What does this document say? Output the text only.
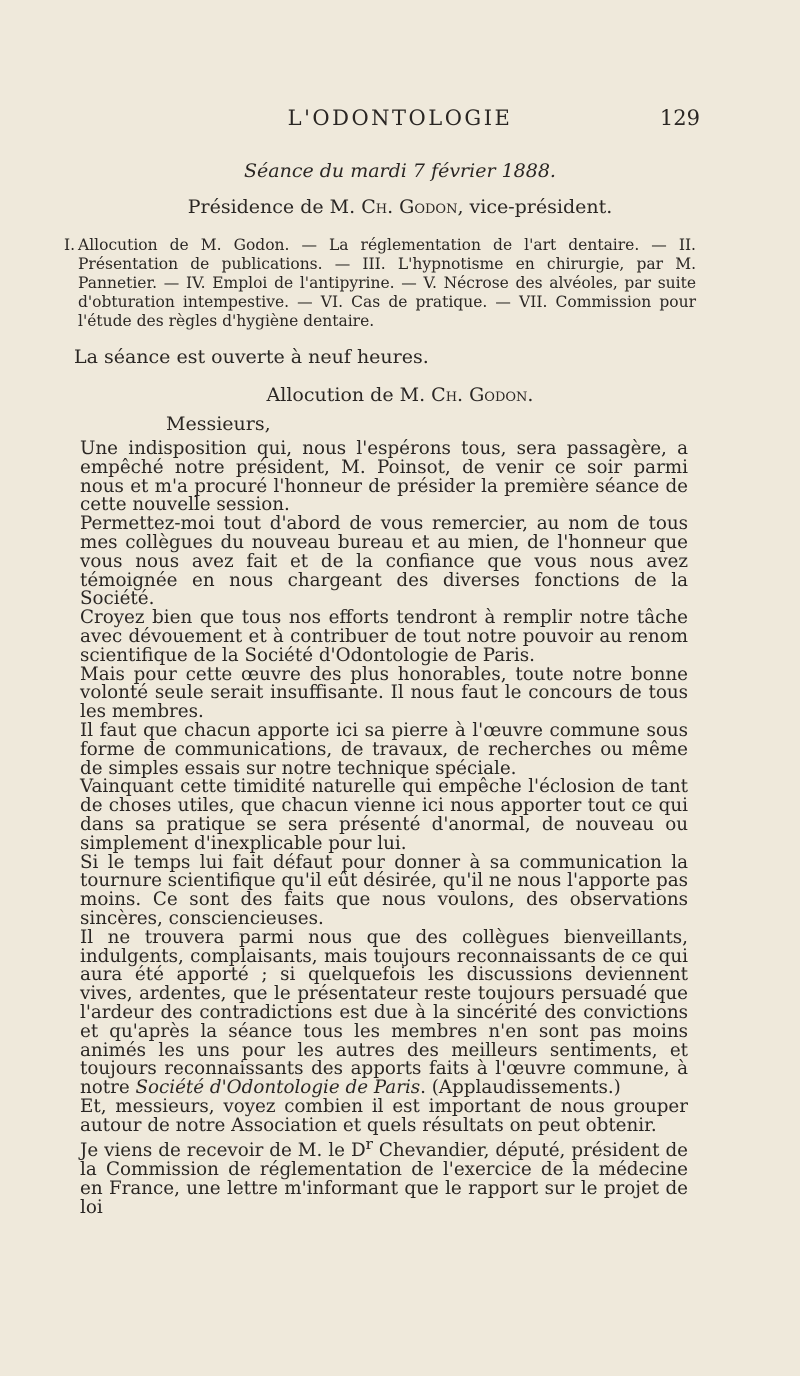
L'ODONTOLOGIE	129
Séance du mardi 7 février 1888.
Présidence de M. Ch. Godon, vice-président.
I. Allocution de M. Godon. — La réglementation de l'art dentaire. — II. Présentation de publications. — III. L'hypnotisme en chirurgie, par M. Pannetier. — IV. Emploi de l'antipyrine. — V. Nécrose des alvéoles, par suite d'obturation intempestive. — VI. Cas de pratique. — VII. Commission pour l'étude des règles d'hygiène dentaire.
La séance est ouverte à neuf heures.
Allocution de M. Ch. Godon.
Messieurs,

Une indisposition qui, nous l'espérons tous, sera passagère, a empêché notre président, M. Poinsot, de venir ce soir parmi nous et m'a procuré l'honneur de présider la première séance de cette nouvelle session.

Permettez-moi tout d'abord de vous remercier, au nom de tous mes collègues du nouveau bureau et au mien, de l'honneur que vous nous avez fait et de la confiance que vous nous avez témoignée en nous chargeant des diverses fonctions de la Société.

Croyez bien que tous nos efforts tendront à remplir notre tâche avec dévouement et à contribuer de tout notre pouvoir au renom scientifique de la Société d'Odontologie de Paris.

Mais pour cette œuvre des plus honorables, toute notre bonne volonté seule serait insuffisante. Il nous faut le concours de tous les membres.

Il faut que chacun apporte ici sa pierre à l'œuvre commune sous forme de communications, de travaux, de recherches ou même de simples essais sur notre technique spéciale.

Vainquant cette timidité naturelle qui empêche l'éclosion de tant de choses utiles, que chacun vienne ici nous apporter tout ce qui dans sa pratique se sera présenté d'anormal, de nouveau ou simplement d'inexplicable pour lui.

Si le temps lui fait défaut pour donner à sa communication la tournure scientifique qu'il eût désirée, qu'il ne nous l'apporte pas moins. Ce sont des faits que nous voulons, des observations sincères, consciencieuses.

Il ne trouvera parmi nous que des collègues bienveillants, indulgents, complaisants, mais toujours reconnaissants de ce qui aura été apporté ; si quelquefois les discussions deviennent vives, ardentes, que le présentateur reste toujours persuadé que l'ardeur des contradictions est due à la sincérité des convictions et qu'après la séance tous les membres n'en sont pas moins animés les uns pour les autres des meilleurs sentiments, et toujours reconnaissants des apports faits à l'œuvre commune, à notre Société d'Odontologie de Paris. (Applaudissements.)

Et, messieurs, voyez combien il est important de nous grouper autour de notre Association et quels résultats on peut obtenir.

Je viens de recevoir de M. le $D^r$ Chevandier, député, président de la Commission de réglementation de l'exercice de la médecine en France, une lettre m'informant que le rapport sur le projet de loi
